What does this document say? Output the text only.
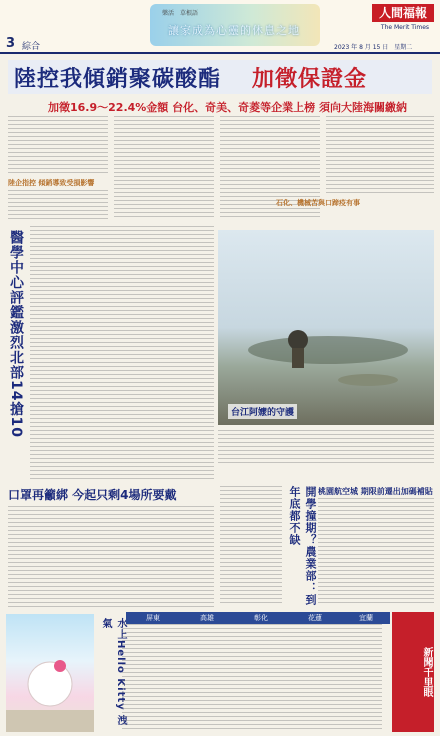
樂活　草根語
讓家成為心靈的休息之地
人間福報
The Merit Times
2023 年 8 月 15 日　星期二
3 綜合
陸控我傾銷聚碳酸酯 加徵保證金
加徵16.9～22.4%金額 台化、奇美、奇菱等企業上榜 須向大陸海關繳納
陸企指控 傾銷導致受損影響
石化、機械苦與口蹄疫有事
醫學中心評鑑激烈北部14搶10	台江阿嬤的守護
口罩再籲綁 今起只剩4場所要戴	開學撞期？農業部：到年底都不缺	桃園航空城 期限前遷出加碼補貼
水上Hello Kitty 洩氣	屏東	高雄	彰化	花蓮	宜蘭
新聞千里眼
